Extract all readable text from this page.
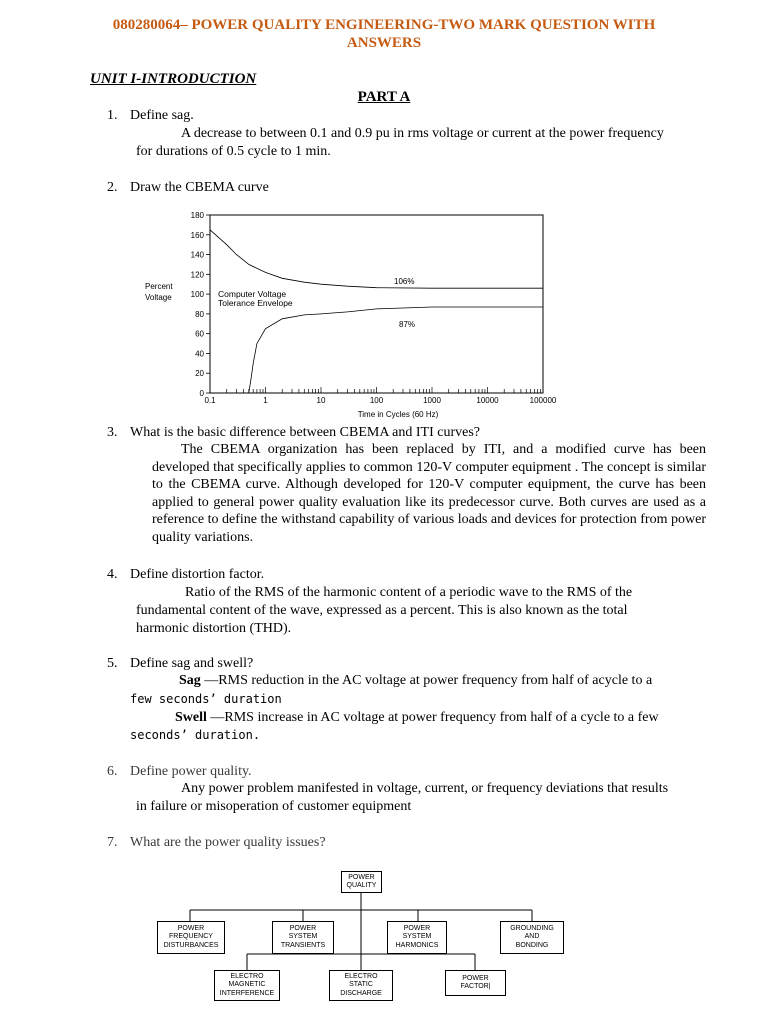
080280064– POWER QUALITY ENGINEERING-TWO MARK QUESTION WITH
ANSWERS
UNIT I-INTRODUCTION
PART A
1. Define sag.
A decrease to between 0.1 and 0.9 pu in rms voltage or current at the power frequency
for durations of 0.5 cycle to 1 min.
2. Draw the CBEMA curve
0
20
40
60
80
100
120
140
160
180
0.1	1	10	100	1000	10000	100000
Percent
Voltage	Computer Voltage
Tolerance Envelope
106%
87%
Time in Cycles (60 Hz)
3. What is the basic difference between CBEMA and ITI curves?
The CBEMA organization has been replaced by ITI, and a modified curve has been developed that specifically applies to common 120-V computer equipment . The concept is similar to the CBEMA curve. Although developed for 120-V computer equipment, the curve has been applied to general power quality evaluation like its predecessor curve. Both curves are used as a reference to define the withstand capability of various loads and devices for protection from power quality variations.
4. Define distortion factor.
Ratio of the RMS of the harmonic content of a periodic wave to the RMS of the
fundamental content of the wave, expressed as a percent. This is also known as the total
harmonic distortion (THD).
5. Define sag and swell?
Sag —RMS reduction in the AC voltage at power frequency from half of acycle to a
few seconds’ duration
Swell —RMS increase in AC voltage at power frequency from half of a cycle to a few
seconds’ duration.
6. Define power quality.
Any power problem manifested in voltage, current, or frequency deviations that results
in failure or misoperation of customer equipment
7. What are the power quality issues?
POWER
QUALITY
POWER
FREQUENCY
DISTURBANCES
POWER
SYSTEM
TRANSIENTS
POWER
SYSTEM
HARMONICS
GROUNDING
AND
BONDING
ELECTRO
MAGNETIC
INTERFERENCE
ELECTRO
STATIC
DISCHARGE
POWER
FACTOR|
